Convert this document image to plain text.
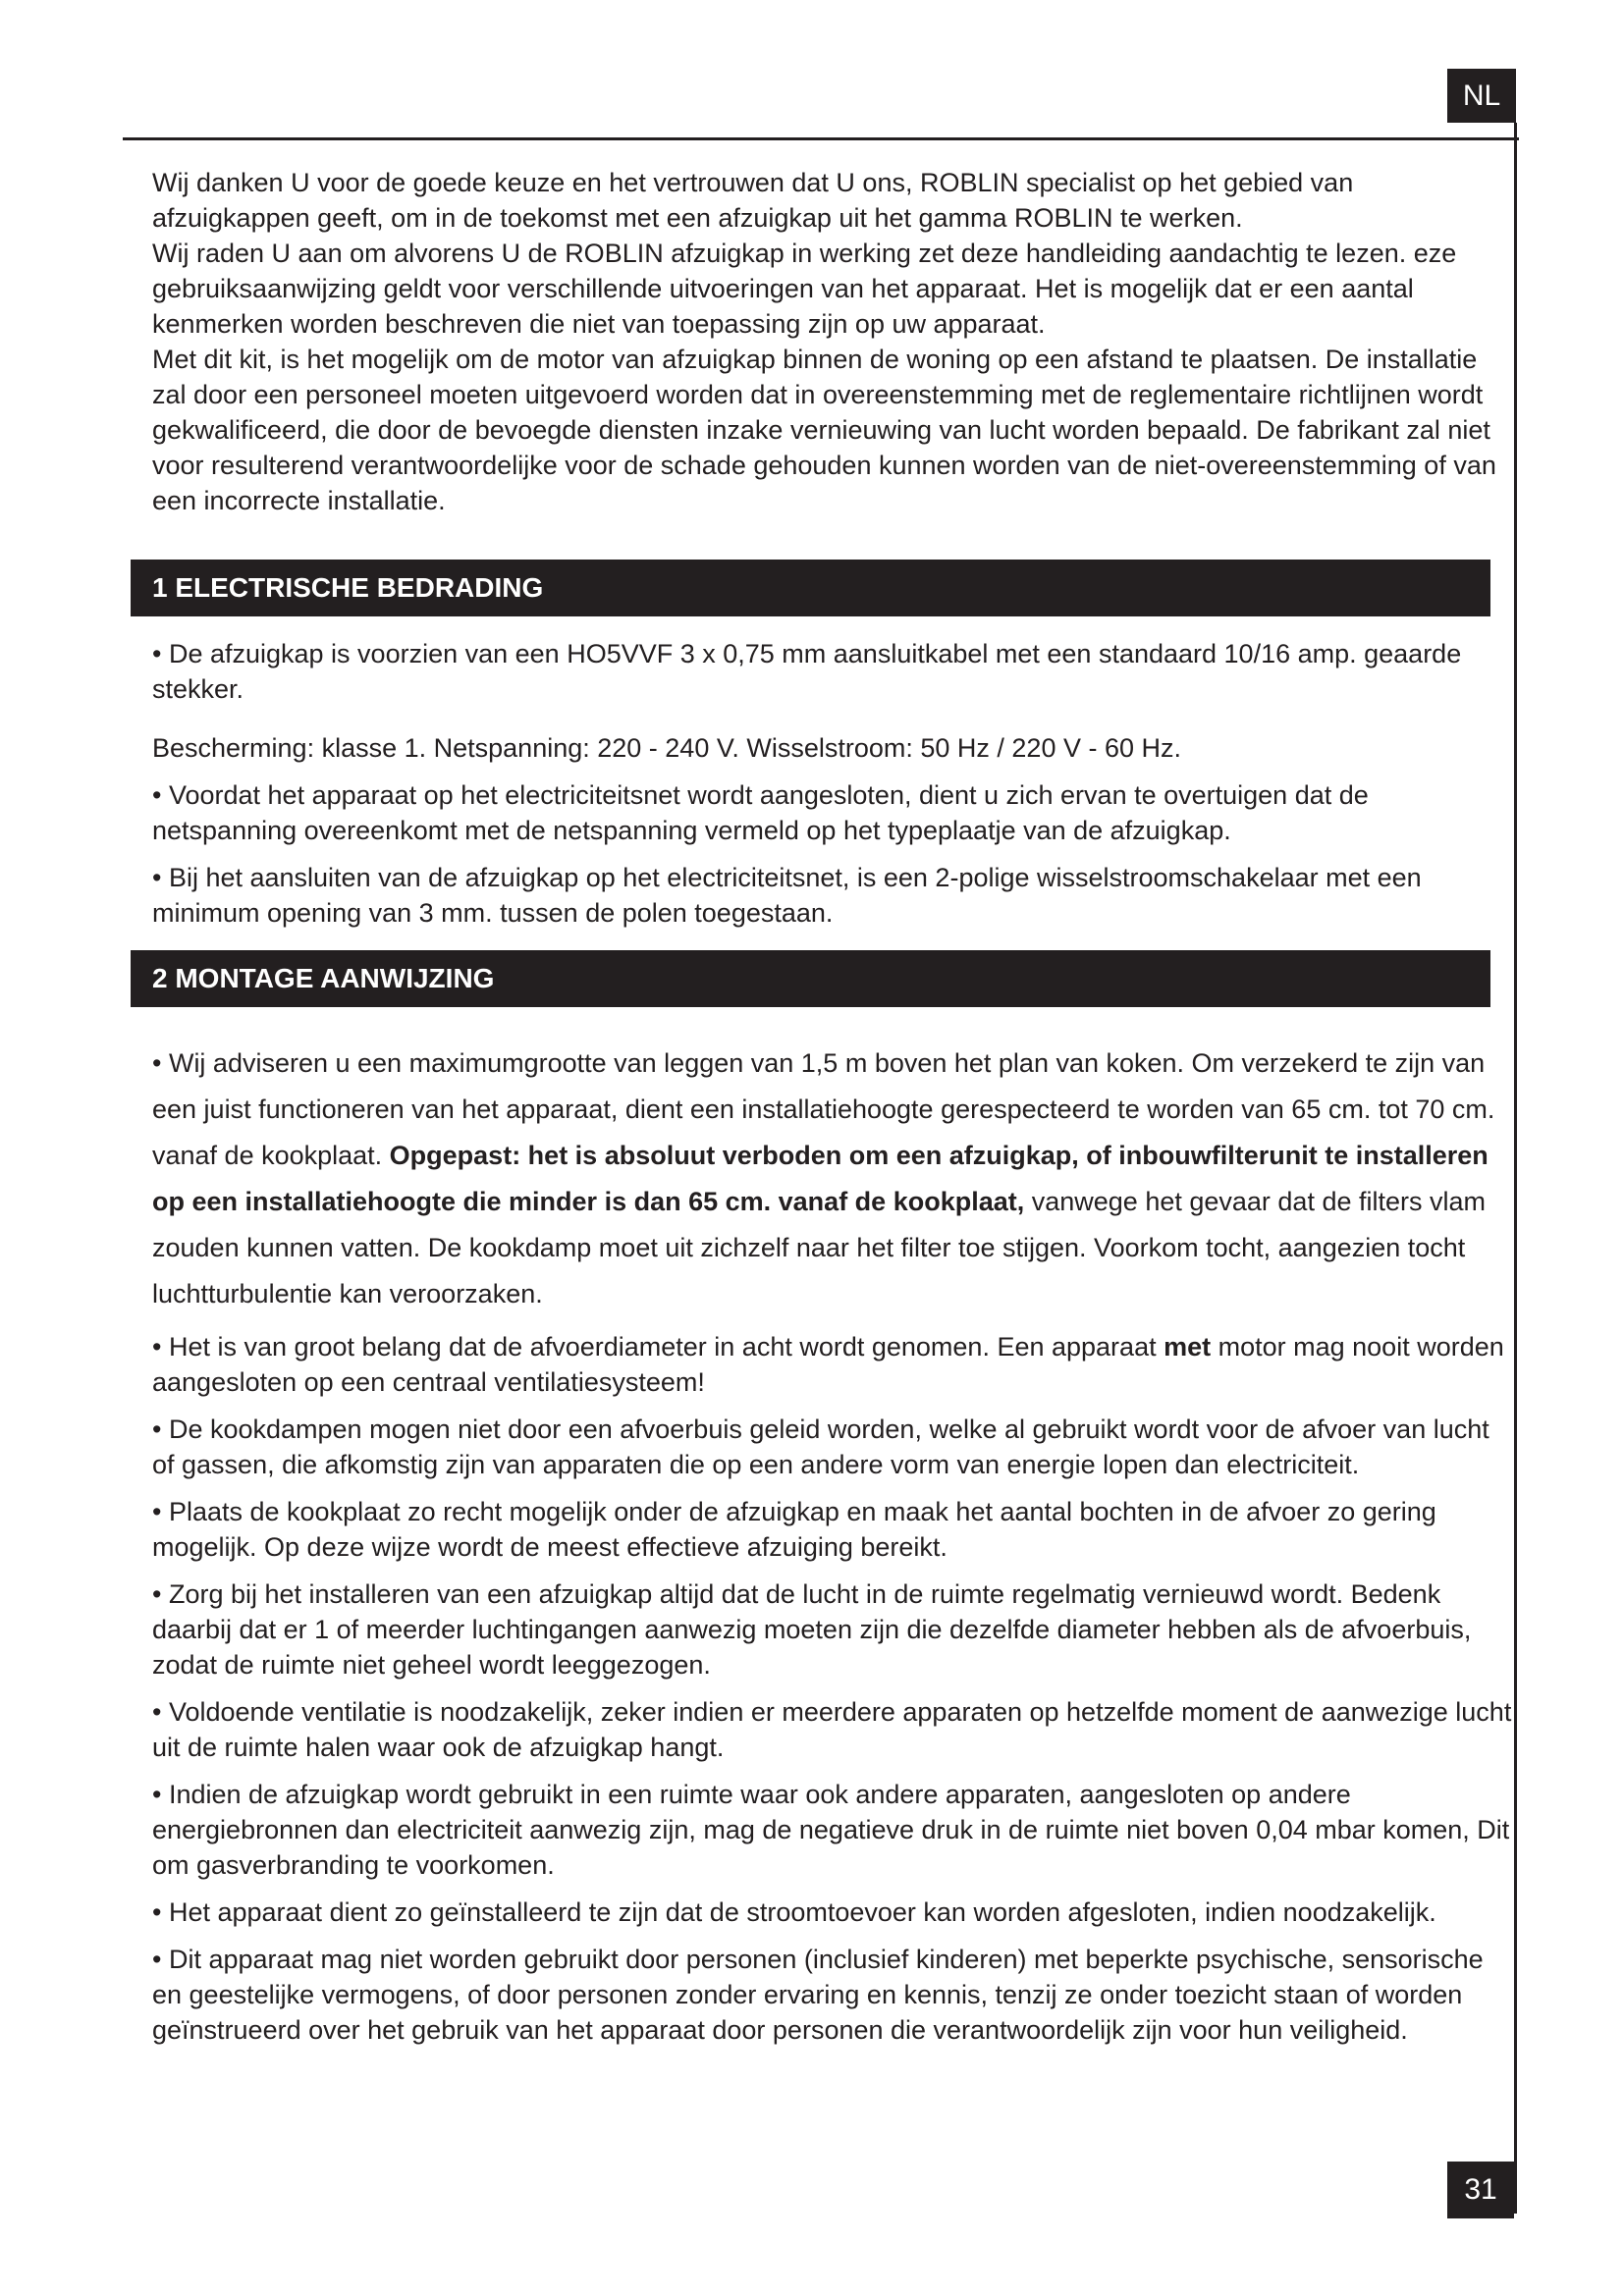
NL

Wij danken U voor de goede keuze en het vertrouwen dat U ons, ROBLIN specialist op het gebied van afzuigkappen geeft, om in de toekomst met een afzuigkap uit het gamma ROBLIN te werken.

Wij raden U aan om alvorens U de ROBLIN afzuigkap in werking zet deze handleiding aandachtig te lezen. eze gebruiksaanwijzing geldt voor verschillende uitvoeringen van het apparaat. Het is mogelijk dat er een aantal kenmerken worden beschreven die niet van toepassing zijn op uw apparaat.

Met dit kit, is het mogelijk om de motor van afzuigkap binnen de woning op een afstand te plaatsen. De installatie zal door een personeel moeten uitgevoerd worden dat in overeenstemming met de reglementaire richtlijnen wordt gekwalificeerd, die door de bevoegde diensten inzake vernieuwing van lucht worden bepaald. De fabrikant zal niet voor resulterend verantwoordelijke voor de schade gehouden kunnen worden van de niet-overeenstemming of van een incorrecte installatie.

1 ELECTRISCHE BEDRADING

• De afzuigkap is voorzien van een HO5VVF 3 x 0,75 mm aansluitkabel met een standaard 10/16 amp. geaarde stekker.

Bescherming: klasse 1. Netspanning: 220 - 240 V. Wisselstroom: 50 Hz / 220 V - 60 Hz.

• Voordat het apparaat op het electriciteitsnet wordt aangesloten, dient u zich ervan te overtuigen dat de netspanning overeenkomt met de netspanning vermeld op het typeplaatje van de afzuigkap.

• Bij het aansluiten van de afzuigkap op het electriciteitsnet, is een 2-polige wisselstroomschakelaar met een minimum opening van 3 mm. tussen de polen toegestaan.

2 MONTAGE AANWIJZING

• Wij adviseren u een maximumgrootte van leggen van 1,5 m boven het plan van koken. Om verzekerd te zijn van een juist functioneren van het apparaat, dient een installatiehoogte gerespecteerd te worden van 65 cm. tot 70 cm. vanaf de kookplaat. Opgepast: het is absoluut verboden om een afzuigkap, of inbouwfilterunit te installeren op een installatiehoogte die minder is dan 65 cm. vanaf de kookplaat, vanwege het gevaar dat de filters vlam zouden kunnen vatten. De kookdamp moet uit zichzelf naar het filter toe stijgen. Voorkom tocht, aangezien tocht luchtturbulentie kan veroorzaken.

• Het is van groot belang dat de afvoerdiameter in acht wordt genomen. Een apparaat met motor mag nooit worden aangesloten op een centraal ventilatiesysteem!

• De kookdampen mogen niet door een afvoerbuis geleid worden, welke al gebruikt wordt voor de afvoer van lucht of gassen, die afkomstig zijn van apparaten die op een andere vorm van energie lopen dan electriciteit.

• Plaats de kookplaat zo recht mogelijk onder de afzuigkap en maak het aantal bochten in de afvoer zo gering mogelijk. Op deze wijze wordt de meest effectieve afzuiging bereikt.

• Zorg bij het installeren van een afzuigkap altijd dat de lucht in de ruimte regelmatig vernieuwd wordt. Bedenk daarbij dat er 1 of meerder luchtingangen aanwezig moeten zijn die dezelfde diameter hebben als de afvoerbuis, zodat de ruimte niet geheel wordt leeggezogen.

• Voldoende ventilatie is noodzakelijk, zeker indien er meerdere apparaten op hetzelfde moment de aanwezige lucht uit de ruimte halen waar ook de afzuigkap hangt.

• Indien de afzuigkap wordt gebruikt in een ruimte waar ook andere apparaten, aangesloten op andere energiebronnen dan electriciteit aanwezig zijn, mag de negatieve druk in de ruimte niet boven 0,04 mbar komen, Dit om gasverbranding te voorkomen.

• Het apparaat dient zo geïnstalleerd te zijn dat de stroomtoevoer kan worden afgesloten, indien noodzakelijk.

• Dit apparaat mag niet worden gebruikt door personen (inclusief kinderen) met beperkte psychische, sensorische en geestelijke vermogens, of door personen zonder ervaring en kennis, tenzij ze onder toezicht staan of worden geïnstrueerd over het gebruik van het apparaat door personen die verantwoordelijk zijn voor hun veiligheid.

31
